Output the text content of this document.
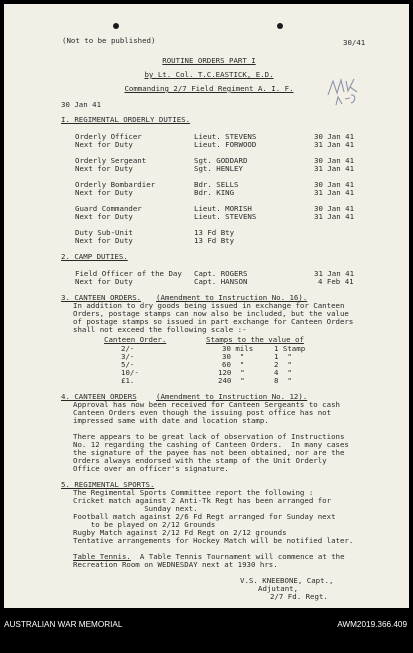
(Not to be published)	30/41
ROUTINE ORDERS PART I
by Lt. Col. T.C.EASTICK, E.D.
Commanding 2/7 Field Regiment A. I. F.
30 Jan 41
I. REGIMENTAL ORDERLY DUTIES.
Orderly Officer	Lieut. STEVENS	30 Jan 41
Next for Duty	Lieut. FORWOOD	31 Jan 41
Orderly Sergeant	Sgt. GODDARD	30 Jan 41
Next for Duty	Sgt. HENLEY	31 Jan 41
Orderly Bombardier	Bdr. SELLS	30 Jan 41
Next for Duty	Bdr. KING	31 Jan 41
Guard Commander	Lieut. MORISH	30 Jan 41
Next for Duty	Lieut. STEVENS	31 Jan 41
Duty Sub-Unit	13 Fd Bty
Next for Duty	13 Fd Bty
2. CAMP DUTIES.
Field Officer of the Day Capt. ROGERS	31 Jan 41
Next for Duty	Capt. HANSON	4 Feb 41
3. CANTEEN ORDERS. (Amendment to Instruction No. 16).
In addition to dry goods being issued in exchange for Canteen
Orders, postage stamps can now also be included, but the value
of postage stamps so issued in part exchange for Canteen Orders
shall not exceed the following scale :-
Canteen Order.	Stamps to the value of
2/-	30 mils	1 Stamp
3/-	30  "	1  "
5/-	60  "	2  "
10/-	120  "	4  "
£1.	240  "	8  "
4. CANTEEN ORDERS	(Amendment to Instruction No. 12).
Approval has now been received for Canteen Sergeants to cash
Canteen Orders even though the issuing post office has not
impressed same with date and location stamp.
There appears to be great lack of observation of Instructions
No. 12 regarding the cashing of Canteen Orders.  In many cases
the signature of the payee has not been obtained, nor are the
Orders always endorsed with the stamp of the Unit Orderly
Office over an officer's signature.
5. REGIMENTAL SPORTS.
The Regimental Sports Committee report the following :
Cricket match against 2 Anti-Tk Regt has been arranged for
Sunday next.
Football match against 2/6 Fd Regt arranged for Sunday next
to be played on 2/12 Grounds
Rugby Match against 2/12 Fd Regt on 2/12 grounds
Tentative arrangements for Hockey Match will be notified later.
Table Tennis. A Table Tennis Tournament will commence at the
Recreation Room on WEDNESDAY next at 1930 hrs.
V.S. KNEEBONE, Capt.,
Adjutant,
2/7 Fd. Regt.
AUSTRALIAN WAR MEMORIAL	AWM2019.366.409
